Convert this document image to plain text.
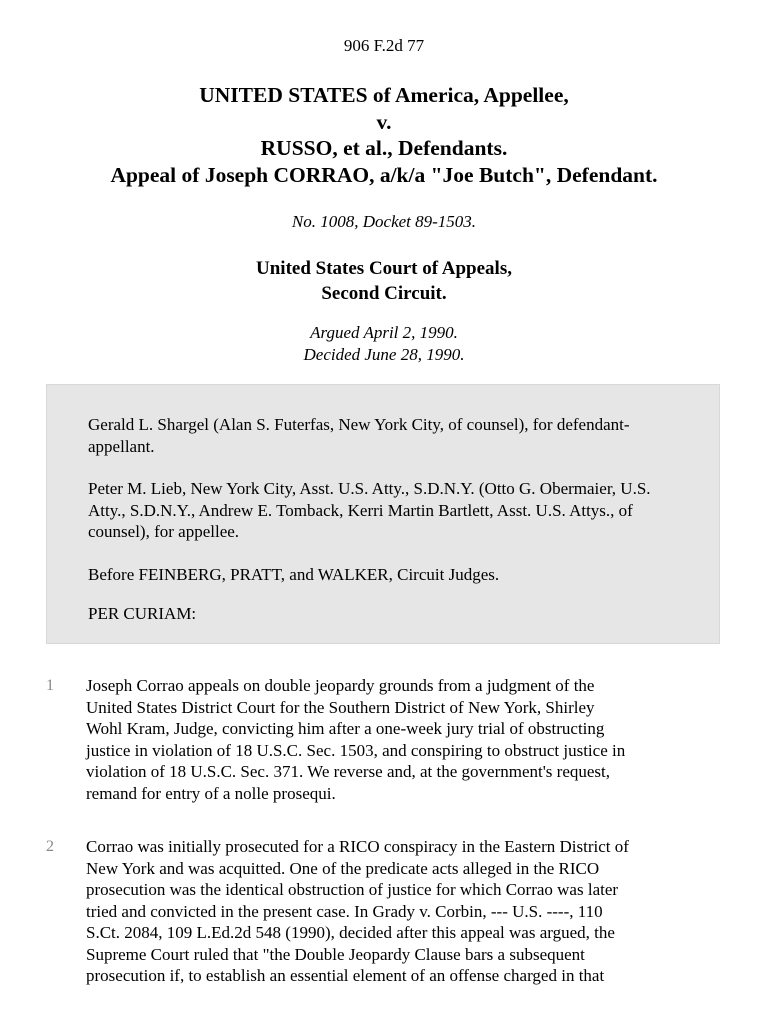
906 F.2d 77
UNITED STATES of America, Appellee,
v.
RUSSO, et al., Defendants.
Appeal of Joseph CORRAO, a/k/a "Joe Butch", Defendant.
No. 1008, Docket 89-1503.
United States Court of Appeals,
Second Circuit.
Argued April 2, 1990.
Decided June 28, 1990.

Gerald L. Shargel (Alan S. Futerfas, New York City, of counsel), for defendant-appellant.

Peter M. Lieb, New York City, Asst. U.S. Atty., S.D.N.Y. (Otto G. Obermaier, U.S. Atty., S.D.N.Y., Andrew E. Tomback, Kerri Martin Bartlett, Asst. U.S. Attys., of counsel), for appellee.

Before FEINBERG, PRATT, and WALKER, Circuit Judges.

PER CURIAM:

1 Joseph Corrao appeals on double jeopardy grounds from a judgment of the
United States District Court for the Southern District of New York, Shirley
Wohl Kram, Judge, convicting him after a one-week jury trial of obstructing
justice in violation of 18 U.S.C. Sec. 1503, and conspiring to obstruct justice in
violation of 18 U.S.C. Sec. 371. We reverse and, at the government's request,
remand for entry of a nolle prosequi.
2 Corrao was initially prosecuted for a RICO conspiracy in the Eastern District of
New York and was acquitted. One of the predicate acts alleged in the RICO
prosecution was the identical obstruction of justice for which Corrao was later
tried and convicted in the present case. In Grady v. Corbin, --- U.S. ----, 110
S.Ct. 2084, 109 L.Ed.2d 548 (1990), decided after this appeal was argued, the
Supreme Court ruled that "the Double Jeopardy Clause bars a subsequent
prosecution if, to establish an essential element of an offense charged in that
